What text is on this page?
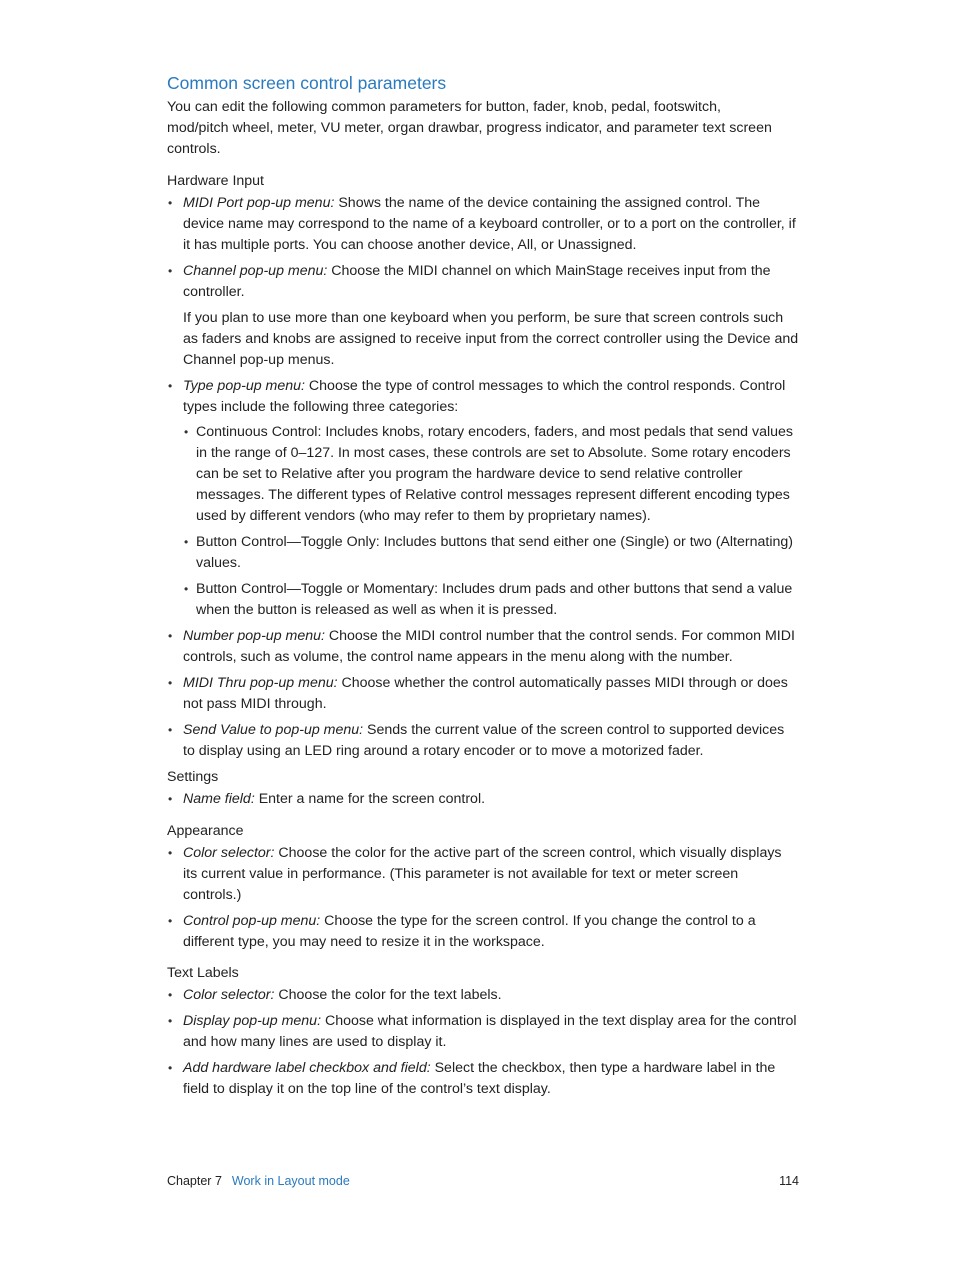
Common screen control parameters

You can edit the following common parameters for button, fader, knob, pedal, footswitch, mod/pitch wheel, meter, VU meter, organ drawbar, progress indicator, and parameter text screen controls.

Hardware Input
• MIDI Port pop-up menu: Shows the name of the device containing the assigned control. The device name may correspond to the name of a keyboard controller, or to a port on the controller, if it has multiple ports. You can choose another device, All, or Unassigned.
• Channel pop-up menu: Choose the MIDI channel on which MainStage receives input from the controller.
If you plan to use more than one keyboard when you perform, be sure that screen controls such as faders and knobs are assigned to receive input from the correct controller using the Device and Channel pop-up menus.
• Type pop-up menu: Choose the type of control messages to which the control responds. Control types include the following three categories:
• Continuous Control: Includes knobs, rotary encoders, faders, and most pedals that send values in the range of 0–127. In most cases, these controls are set to Absolute. Some rotary encoders can be set to Relative after you program the hardware device to send relative controller messages. The different types of Relative control messages represent different encoding types used by different vendors (who may refer to them by proprietary names).
• Button Control—Toggle Only: Includes buttons that send either one (Single) or two (Alternating) values.
• Button Control—Toggle or Momentary: Includes drum pads and other buttons that send a value when the button is released as well as when it is pressed.
• Number pop-up menu: Choose the MIDI control number that the control sends. For common MIDI controls, such as volume, the control name appears in the menu along with the number.
• MIDI Thru pop-up menu: Choose whether the control automatically passes MIDI through or does not pass MIDI through.
• Send Value to pop-up menu: Sends the current value of the screen control to supported devices to display using an LED ring around a rotary encoder or to move a motorized fader.
Settings
• Name field: Enter a name for the screen control.
Appearance
• Color selector: Choose the color for the active part of the screen control, which visually displays its current value in performance. (This parameter is not available for text or meter screen controls.)
• Control pop-up menu: Choose the type for the screen control. If you change the control to a different type, you may need to resize it in the workspace.
Text Labels
• Color selector: Choose the color for the text labels.
• Display pop-up menu: Choose what information is displayed in the text display area for the control and how many lines are used to display it.
• Add hardware label checkbox and field: Select the checkbox, then type a hardware label in the field to display it on the top line of the control’s text display.
Chapter 7 Work in Layout mode	114
